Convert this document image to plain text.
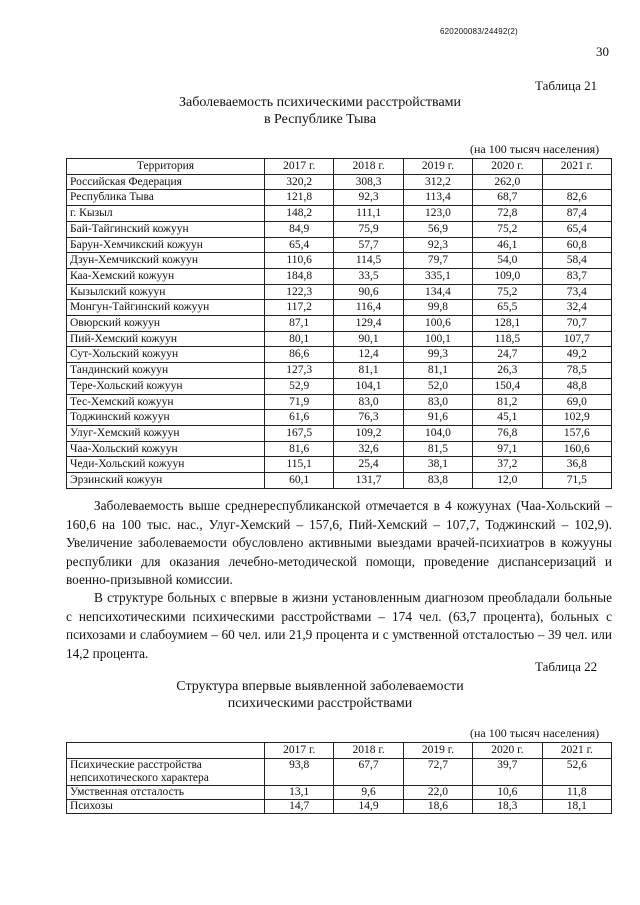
620200083/24492(2)
30
Таблица 21
Заболеваемость психическими расстройствами
в Республике Тыва
(на 100 тысяч населения)
Территория	2017 г.	2018 г.	2019 г.	2020 г.	2021 г.
Российская Федерация	320,2	308,3	312,2	262,0	
Республика Тыва	121,8	92,3	113,4	68,7	82,6
г. Кызыл	148,2	111,1	123,0	72,8	87,4
Бай-Тайгинский кожуун	84,9	75,9	56,9	75,2	65,4
Барун-Хемчикский кожуун	65,4	57,7	92,3	46,1	60,8
Дзун-Хемчикский кожуун	110,6	114,5	79,7	54,0	58,4
Каа-Хемский кожуун	184,8	33,5	335,1	109,0	83,7
Кызылский кожуун	122,3	90,6	134,4	75,2	73,4
Монгун-Тайгинский кожуун	117,2	116,4	99,8	65,5	32,4
Овюрский кожуун	87,1	129,4	100,6	128,1	70,7
Пий-Хемский кожуун	80,1	90,1	100,1	118,5	107,7
Сут-Хольский кожуун	86,6	12,4	99,3	24,7	49,2
Тандинский кожуун	127,3	81,1	81,1	26,3	78,5
Тере-Хольский кожуун	52,9	104,1	52,0	150,4	48,8
Тес-Хемский кожуун	71,9	83,0	83,0	81,2	69,0
Тоджинский кожуун	61,6	76,3	91,6	45,1	102,9
Улуг-Хемский кожуун	167,5	109,2	104,0	76,8	157,6
Чаа-Хольский кожуун	81,6	32,6	81,5	97,1	160,6
Чеди-Хольский кожуун	115,1	25,4	38,1	37,2	36,8
Эрзинский кожуун	60,1	131,7	83,8	12,0	71,5
Заболеваемость выше среднереспубликанской отмечается в 4 кожуунах (Чаа-Хольский – 160,6 на 100 тыс. нас., Улуг-Хемский – 157,6, Пий-Хемский – 107,7, Тоджинский – 102,9). Увеличение заболеваемости обусловлено активными выездами врачей-психиатров в кожууны республики для оказания лечебно-методической помощи, проведение диспансеризаций и военно-призывной комиссии.
В структуре больных с впервые в жизни установленным диагнозом преобладали больные с непсихотическими психическими расстройствами – 174 чел. (63,7 процента), больных с психозами и слабоумием – 60 чел. или 21,9 процента и с умственной отсталостью – 39 чел. или 14,2 процента.
Таблица 22
Структура впервые выявленной заболеваемости
психическими расстройствами
(на 100 тысяч населения)
	2017 г.	2018 г.	2019 г.	2020 г.	2021 г.
Психические расстройства непсихотического характера	93,8	67,7	72,7	39,7	52,6
Умственная отсталость	13,1	9,6	22,0	10,6	11,8
Психозы	14,7	14,9	18,6	18,3	18,1
